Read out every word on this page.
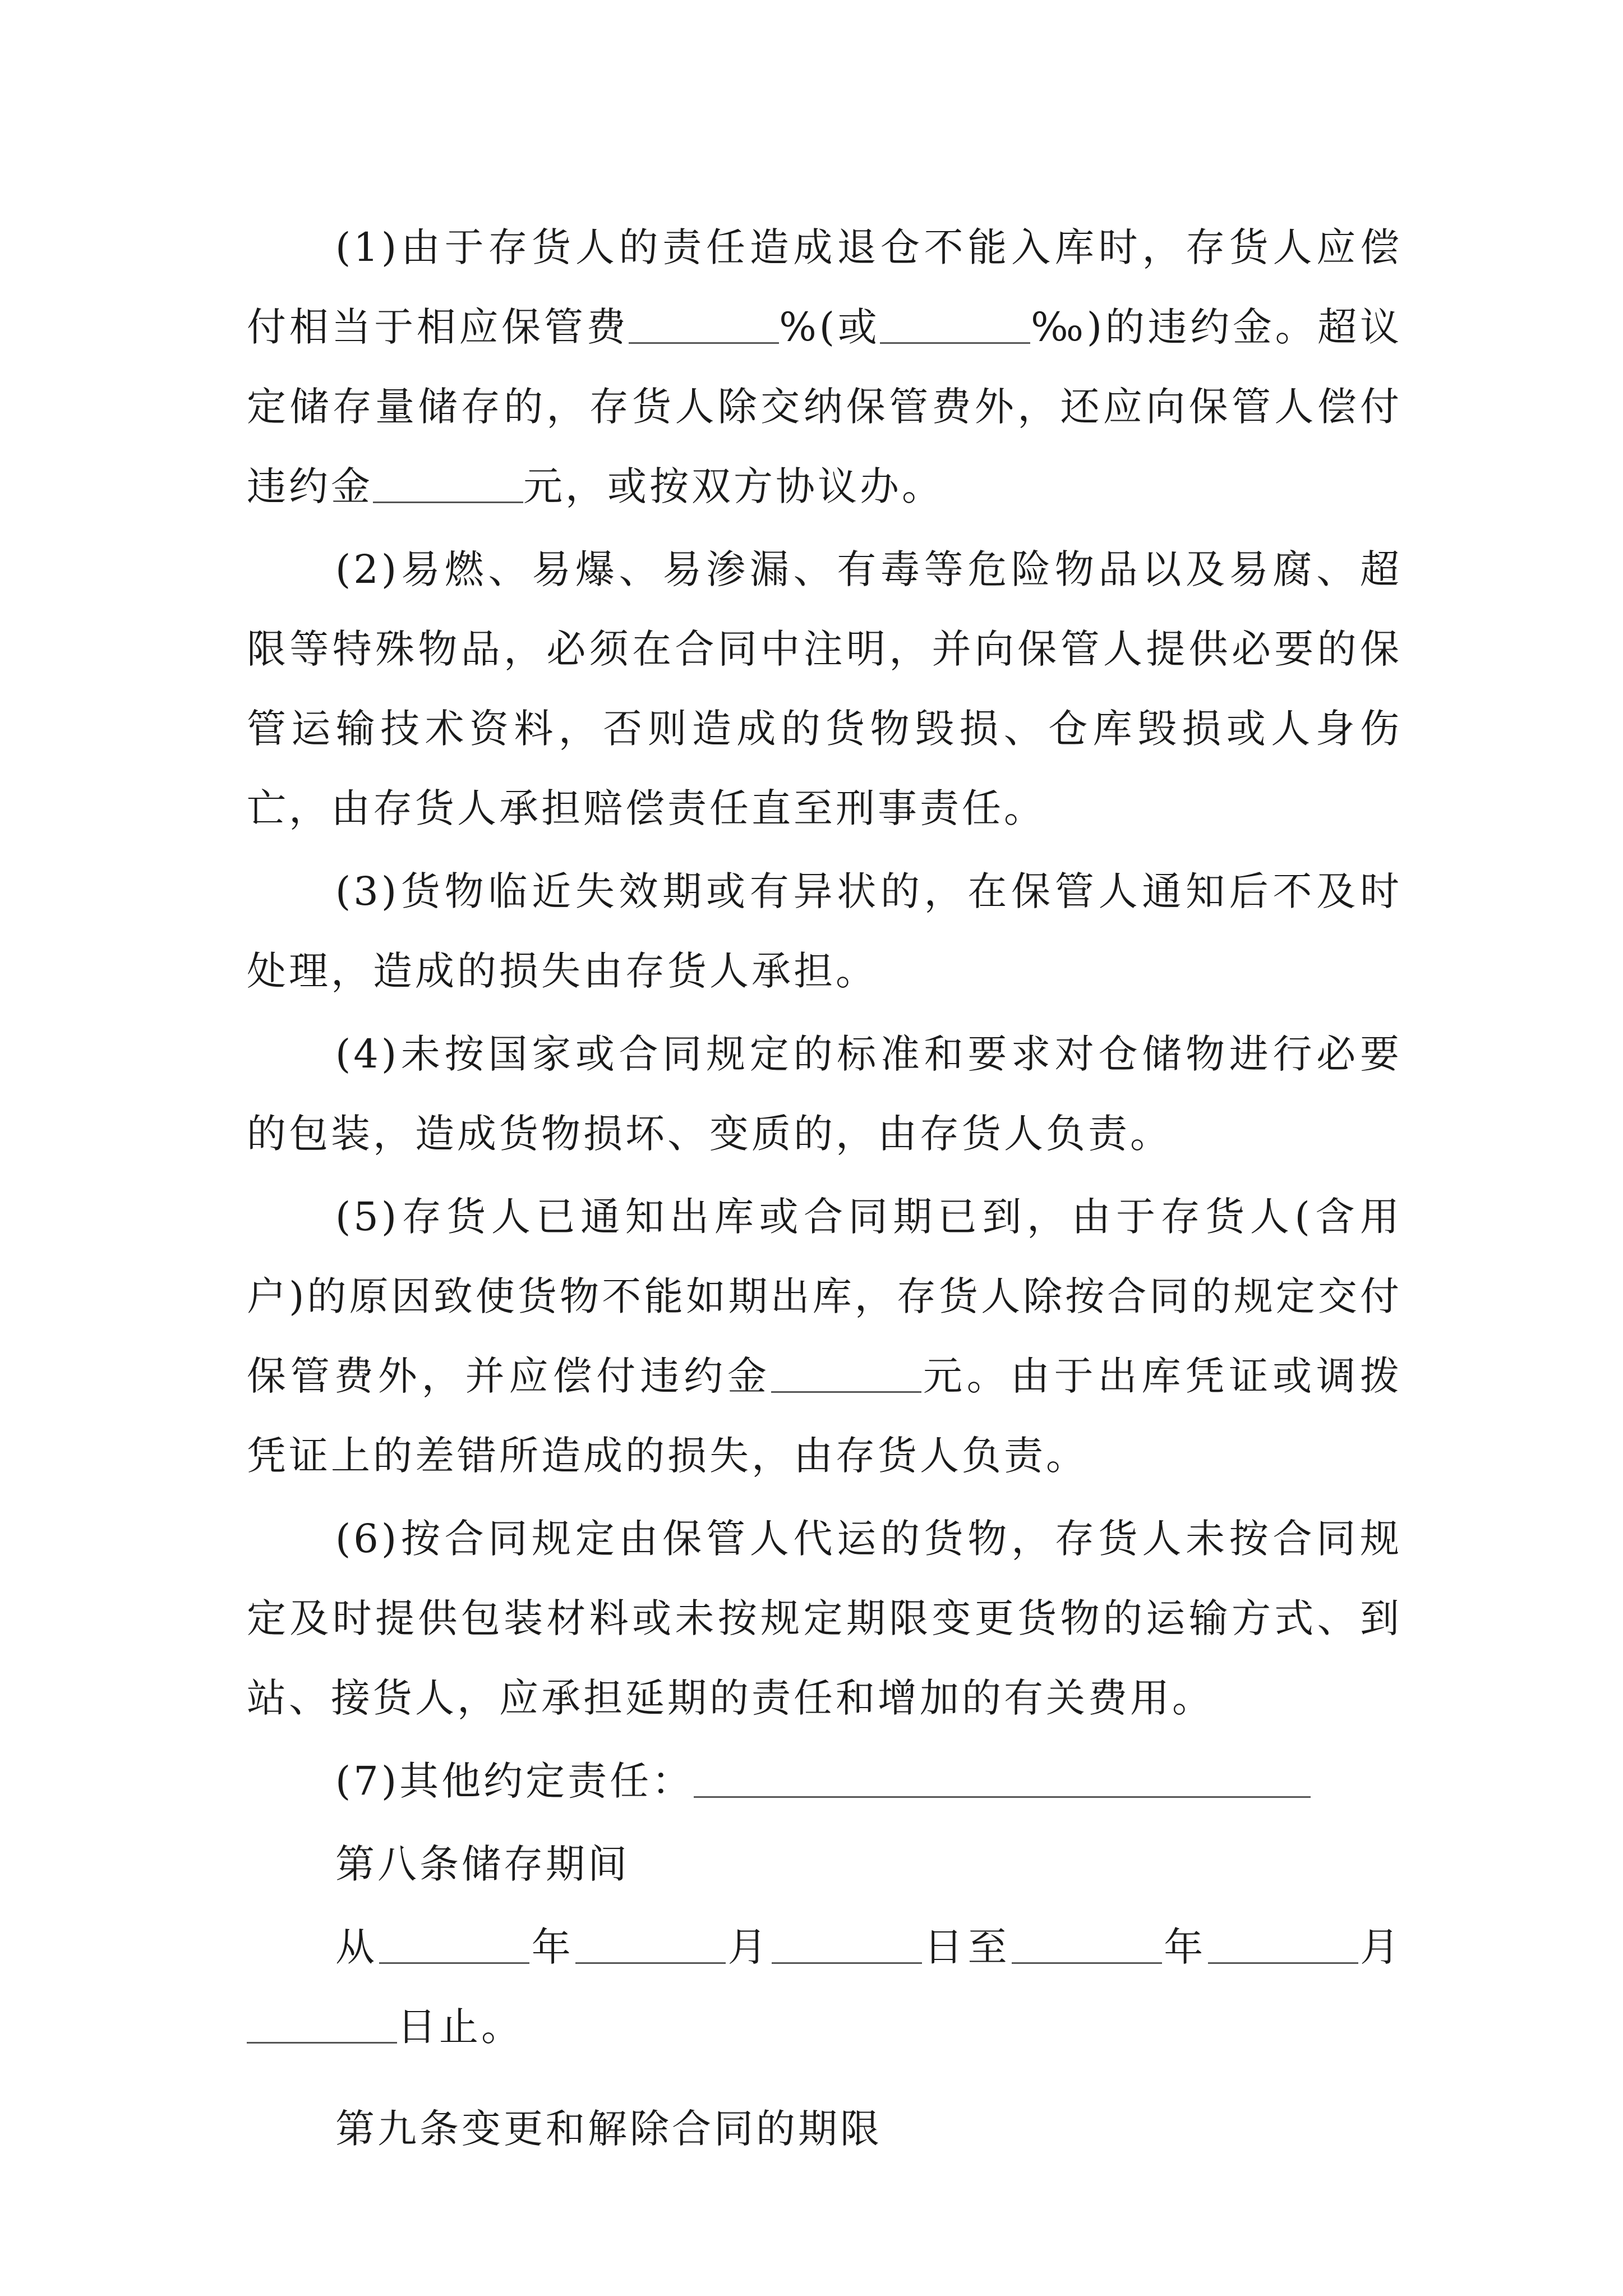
(1)由于存货人的责任造成退仓不能入库时，存货人应偿付相当于相应保管费	%(或	‰)的违约金。超议定储存量储存的，存货人除交纳保管费外，还应向保管人偿付违约金	元，或按双方协议办。

(2)易燃、易爆、易渗漏、有毒等危险物品以及易腐、超限等特殊物品，必须在合同中注明，并向保管人提供必要的保管运输技术资料，否则造成的货物毁损、仓库毁损或人身伤亡，由存货人承担赔偿责任直至刑事责任。

(3)货物临近失效期或有异状的，在保管人通知后不及时处理，造成的损失由存货人承担。

(4)未按国家或合同规定的标准和要求对仓储物进行必要的包装，造成货物损坏、变质的，由存货人负责。

(5)存货人已通知出库或合同期已到，由于存货人(含用户)的原因致使货物不能如期出库，存货人除按合同的规定交付保管费外，并应偿付违约金	元。由于出库凭证或调拨凭证上的差错所造成的损失，由存货人负责。

(6)按合同规定由保管人代运的货物，存货人未按合同规定及时提供包装材料或未按规定期限变更货物的运输方式、到站、接货人，应承担延期的责任和增加的有关费用。

(7)其他约定责任：

第八条储存期间

从	年	月	日至	年	月日止。

第九条变更和解除合同的期限
